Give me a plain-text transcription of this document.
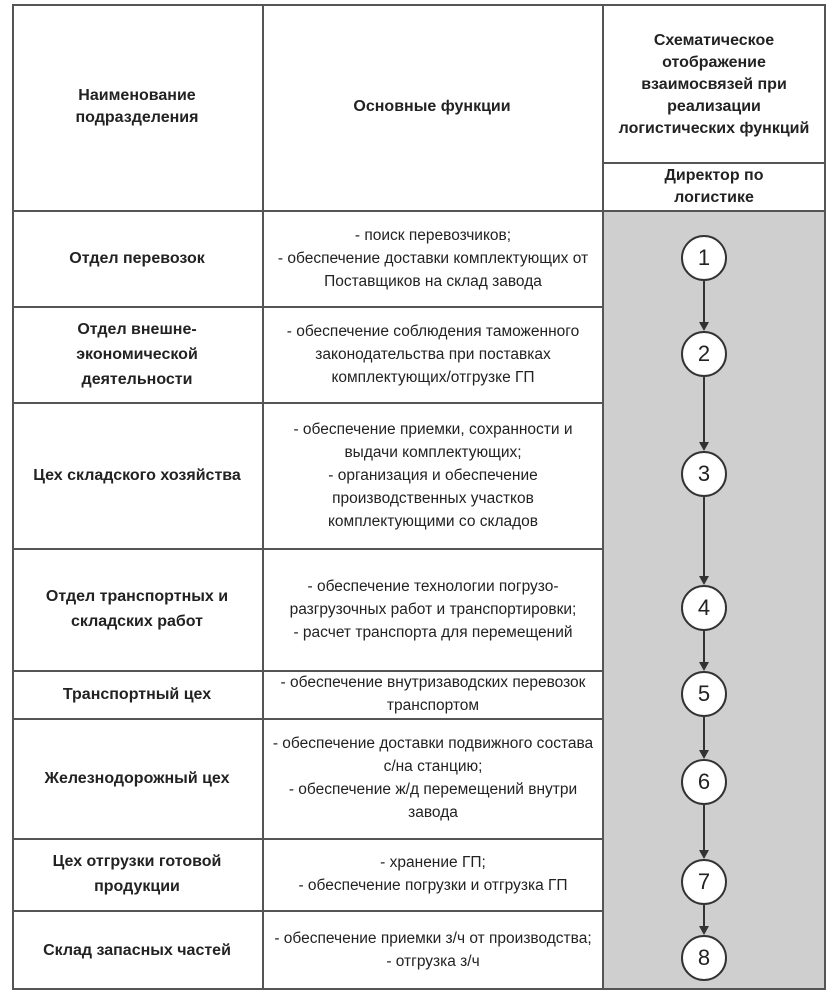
Наименование подразделения
Основные функции
Схематическое отображение взаимосвязей при реализации логистических функций
Директор по логистике
Отдел перевозок
- поиск перевозчиков;
- обеспечение доставки комплектующих от Поставщиков на склад завода
Отдел внешне-экономической деятельности
- обеспечение соблюдения таможенного законодательства при поставках комплектующих/отгрузке ГП
Цех складского хозяйства
- обеспечение приемки, сохранности и выдачи комплектующих;
- организация и обеспечение производственных участков комплектующими со складов
Отдел транспортных и складских работ
- обеспечение технологии погрузо-разгрузочных работ и транспортировки;
- расчет транспорта для перемещений
Транспортный цех
- обеспечение внутризаводских перевозок транспортом
Железнодорожный цех
- обеспечение доставки подвижного состава с/на станцию;
- обеспечение ж/д перемещений внутри завода
Цех отгрузки готовой продукции
- хранение ГП;
- обеспечение погрузки и отгрузка ГП
Склад запасных частей
- обеспечение приемки з/ч от производства;
- отгрузка з/ч
1
2
3
4
5
6
7
8
